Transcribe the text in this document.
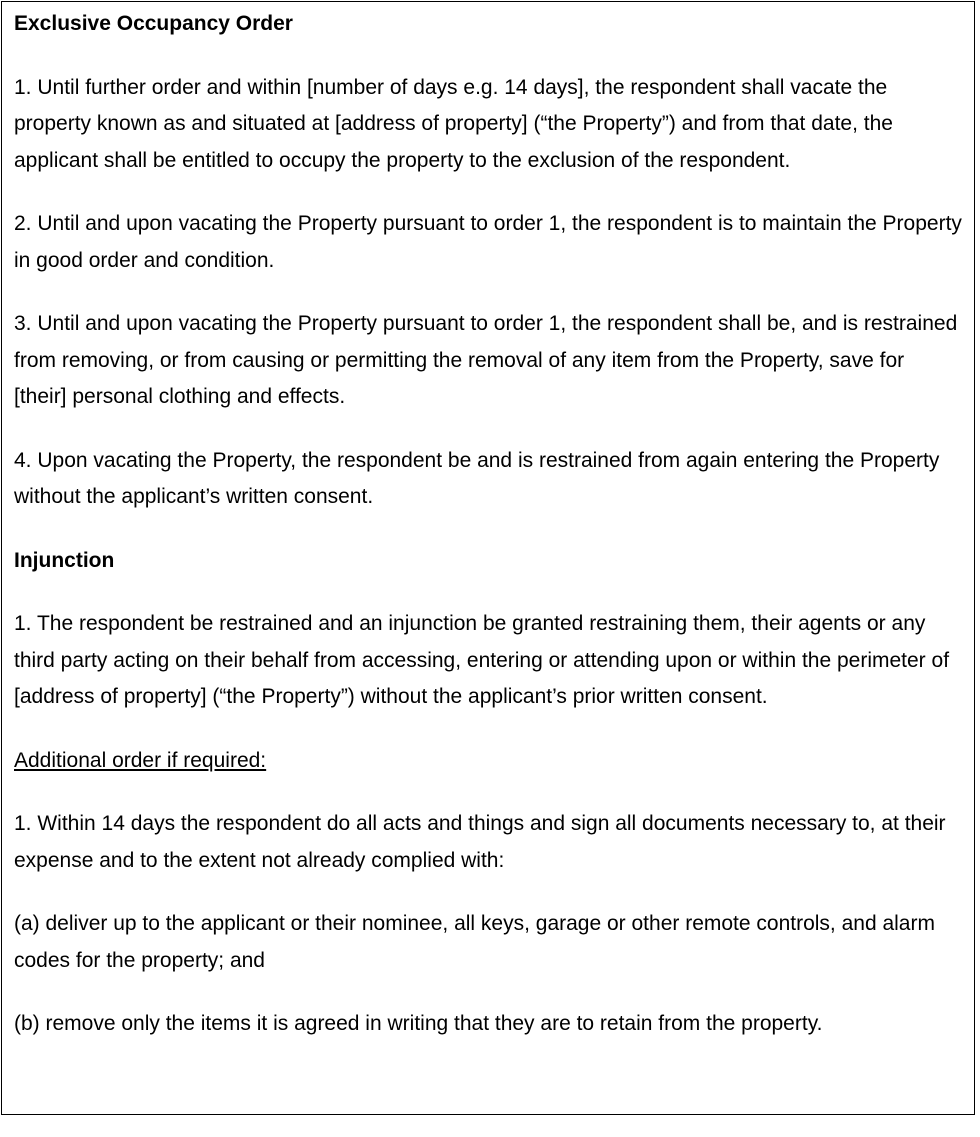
Exclusive Occupancy Order

1. Until further order and within [number of days e.g. 14 days], the respondent shall vacate the property known as and situated at [address of property] (“the Property”) and from that date, the applicant shall be entitled to occupy the property to the exclusion of the respondent.

2. Until and upon vacating the Property pursuant to order 1, the respondent is to maintain the Property in good order and condition.

3. Until and upon vacating the Property pursuant to order 1, the respondent shall be, and is restrained from removing, or from causing or permitting the removal of any item from the Property, save for [their] personal clothing and effects.

4. Upon vacating the Property, the respondent be and is restrained from again entering the Property without the applicant’s written consent.

Injunction

1. The respondent be restrained and an injunction be granted restraining them, their agents or any third party acting on their behalf from accessing, entering or attending upon or within the perimeter of [address of property] (“the Property”) without the applicant’s prior written consent.

Additional order if required:

1. Within 14 days the respondent do all acts and things and sign all documents necessary to, at their expense and to the extent not already complied with:

(a) deliver up to the applicant or their nominee, all keys, garage or other remote controls, and alarm codes for the property; and

(b) remove only the items it is agreed in writing that they are to retain from the property.
